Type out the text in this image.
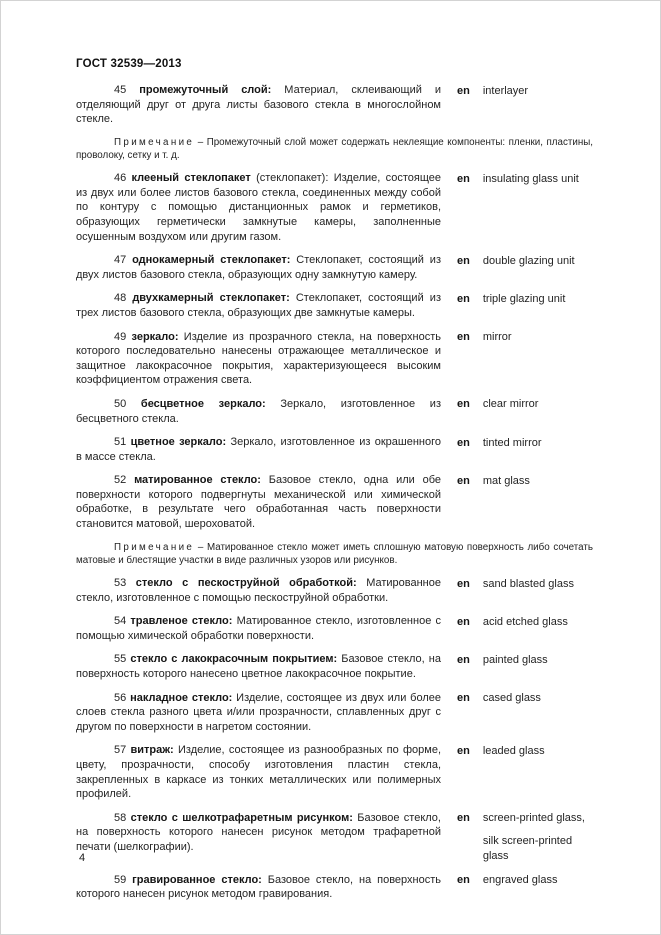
ГОСТ 32539—2013

45 промежуточный слой: Материал, склеивающий и отделяющий друг от друга листы базового стекла в многослойном стекле.

en interlayer

Примечание – Промежуточный слой может содержать неклеящие компоненты: пленки, пластины, проволоку, сетку и т. д.

46 клееный стеклопакет (стеклопакет): Изделие, состоящее из двух или более листов базового стекла, соединенных между собой по контуру с помощью дистанционных рамок и герметиков, образующих герметически замкнутые камеры, заполненные осушенным воздухом или другим газом.

en insulating glass unit

47 однокамерный стеклопакет: Стеклопакет, состоящий из двух листов базового стекла, образующих одну замкнутую камеру.

en double glazing unit

48 двухкамерный стеклопакет: Стеклопакет, состоящий из трех листов базового стекла, образующих две замкнутые камеры.

en triple glazing unit

49 зеркало: Изделие из прозрачного стекла, на поверхность которого последовательно нанесены отражающее металлическое и защитное лакокрасочное покрытия, характеризующееся высоким коэффициентом отражения света.

en mirror

50 бесцветное зеркало: Зеркало, изготовленное из бесцветного стекла.

en clear mirror

51 цветное зеркало: Зеркало, изготовленное из окрашенного в массе стекла.

en tinted mirror

52 матированное стекло: Базовое стекло, одна или обе поверхности которого подвергнуты механической или химической обработке, в результате чего обработанная часть поверхности становится матовой, шероховатой.

en mat glass

Примечание – Матированное стекло может иметь сплошную матовую поверхность либо сочетать матовые и блестящие участки в виде различных узоров или рисунков.

53 стекло с пескоструйной обработкой: Матированное стекло, изготовленное с помощью пескоструйной обработки.

en sand blasted glass

54 травленое стекло: Матированное стекло, изготовленное с помощью химической обработки поверхности.

en acid etched glass

55 стекло с лакокрасочным покрытием: Базовое стекло, на поверхность которого нанесено цветное лакокрасочное покрытие.

en painted glass

56 накладное стекло: Изделие, состоящее из двух или более слоев стекла разного цвета и/или прозрачности, сплавленных друг с другом по поверхности в нагретом состоянии.

en cased glass

57 витраж: Изделие, состоящее из разнообразных по форме, цвету, прозрачности, способу изготовления пластин стекла, закрепленных в каркасе из тонких металлических или полимерных профилей.

en leaded glass

58 стекло с шелкотрафаретным рисунком: Базовое стекло, на поверхность которого нанесен рисунок методом трафаретной печати (шелкографии).

en screen-printed glass,
silk screen-printed glass

59 гравированное стекло: Базовое стекло, на поверхность которого нанесен рисунок методом гравирования.

en engraved glass
4
